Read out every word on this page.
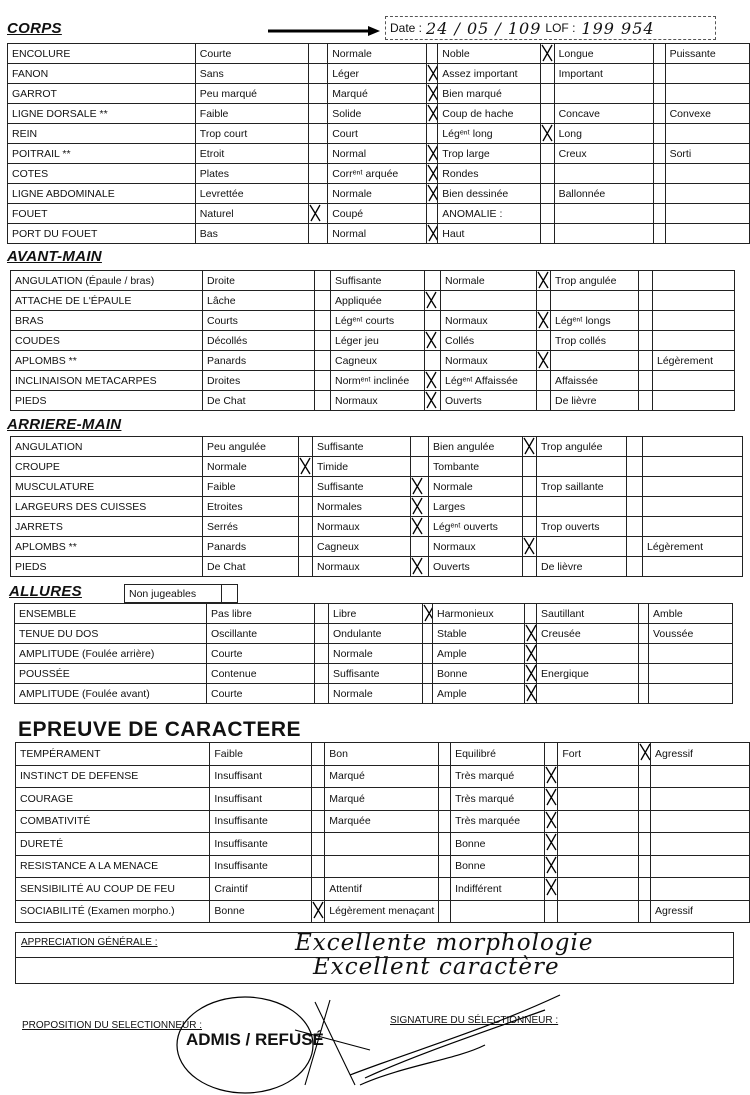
CORPS	Date : 24 / 05 / 109 LOF : 199 954
ENCOLURE	Courte		Normale		Noble		Longue		Puissante
FANON	Sans		Léger		Assez important		Important		
GARROT	Peu marqué		Marqué		Bien marqué				
LIGNE DORSALE **	Faible		Solide		Coup de hache		Concave		Convexe
REIN	Trop court		Court		Légᵉⁿᵗ long		Long		
POITRAIL **	Etroit		Normal		Trop large		Creux		Sorti
COTES	Plates		Corrᵉⁿᵗ arquée		Rondes				
LIGNE ABDOMINALE	Levrettée		Normale		Bien dessinée		Ballonnée		
FOUET	Naturel		Coupé		ANOMALIE :				
PORT DU FOUET	Bas		Normal		Haut				
AVANT-MAIN
ANGULATION (Épaule / bras)	Droite		Suffisante		Normale		Trop angulée		
ATTACHE DE L'ÉPAULE	Lâche		Appliquée	

BRAS	Courts		Légᵉⁿᵗ courts		Normaux		Légᵉⁿᵗ longs		
COUDES	Décollés		Léger jeu		Collés		Trop collés		
APLOMBS **	Panards		Cagneux		Normaux				Légèrement
INCLINAISON METACARPES	Droites		Normᵉⁿᵗ inclinée		Légᵉⁿᵗ Affaissée		Affaissée		
PIEDS	De Chat		Normaux		Ouverts		De lièvre		
ARRIERE-MAIN
ANGULATION	Peu angulée		Suffisante		Bien angulée		Trop angulée		
CROUPE	Normale		Timide		Tombante				
MUSCULATURE	Faible		Suffisante		Normale		Trop saillante		
LARGEURS DES CUISSES	Etroites		Normales		Larges				
JARRETS	Serrés		Normaux		Légᵉⁿᵗ ouverts		Trop ouverts		
APLOMBS **	Panards		Cagneux		Normaux				Légèrement
PIEDS	De Chat		Normaux		Ouverts		De lièvre		
ALLURES	Non jugeables
ENSEMBLE	Pas libre		Libre		Harmonieux		Sautillant		Amble
TENUE DU DOS	Oscillante		Ondulante		Stable		Creusée		Voussée
AMPLITUDE (Foulée arrière)	Courte		Normale		Ample	

POUSSÉE	Contenue		Suffisante		Bonne		Energique		
AMPLITUDE (Foulée avant)	Courte		Normale		Ample	

EPREUVE DE CARACTERE
TEMPÉRAMENT	Faible		Bon		Equilibré		Fort		Agressif
INSTINCT DE DEFENSE	Insuffisant		Marqué		Très marqué	

COURAGE	Insuffisant		Marqué		Très marqué	

COMBATIVITÉ	Insuffisante		Marquée		Très marquée	

DURETÉ	Insuffisante				Bonne	

RESISTANCE A LA MENACE	Insuffisante				Bonne	

SENSIBILITÉ AU COUP DE FEU	Craintif		Attentif		Indifférent	

SOCIABILITÉ (Examen morpho.)	Bonne		Légèrement menaçant						Agressif
APPRECIATION GÉNÉRALE :	Excellente morphologie
Excellent caractère
PROPOSITION DU SELECTIONNEUR :	SIGNATURE DU SÉLECTIONNEUR :
ADMIS / REFUSÉ
